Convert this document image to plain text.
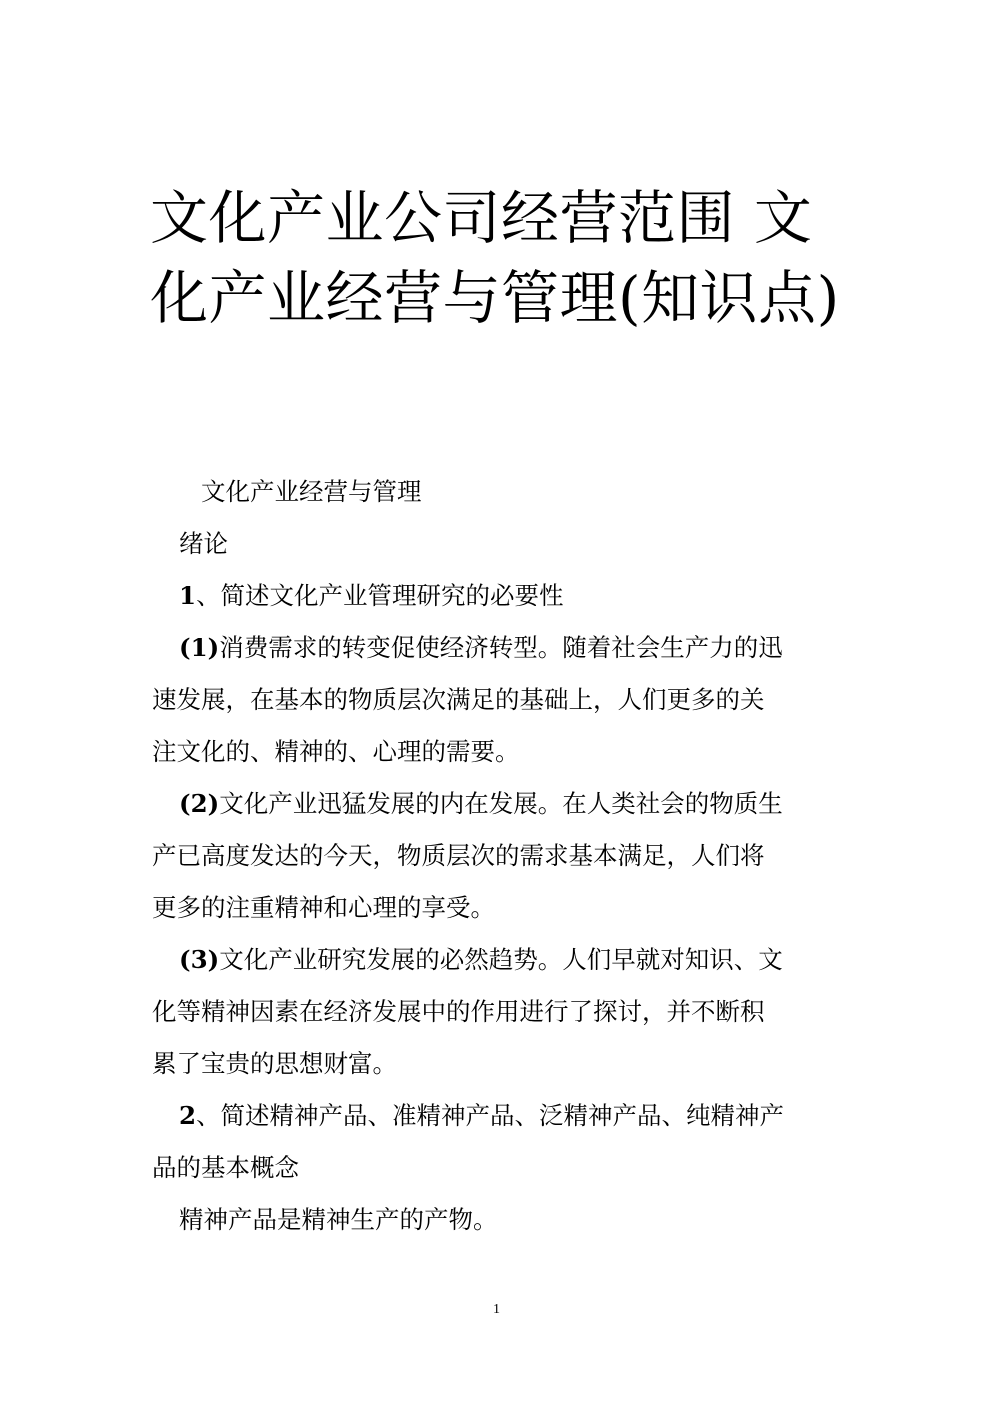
文化产业公司经营范围 文
化产业经营与管理(知识点)

文化产业经营与管理

绪论

1、简述文化产业管理研究的必要性

(1)消费需求的转变促使经济转型。随着社会生产力的迅
速发展，在基本的物质层次满足的基础上，人们更多的关
注文化的、精神的、心理的需要。

(2)文化产业迅猛发展的内在发展。在人类社会的物质生
产已高度发达的今天，物质层次的需求基本满足，人们将
更多的注重精神和心理的享受。

(3)文化产业研究发展的必然趋势。人们早就对知识、文
化等精神因素在经济发展中的作用进行了探讨，并不断积
累了宝贵的思想财富。

2、简述精神产品、准精神产品、泛精神产品、纯精神产
品的基本概念

精神产品是精神生产的产物。

1
